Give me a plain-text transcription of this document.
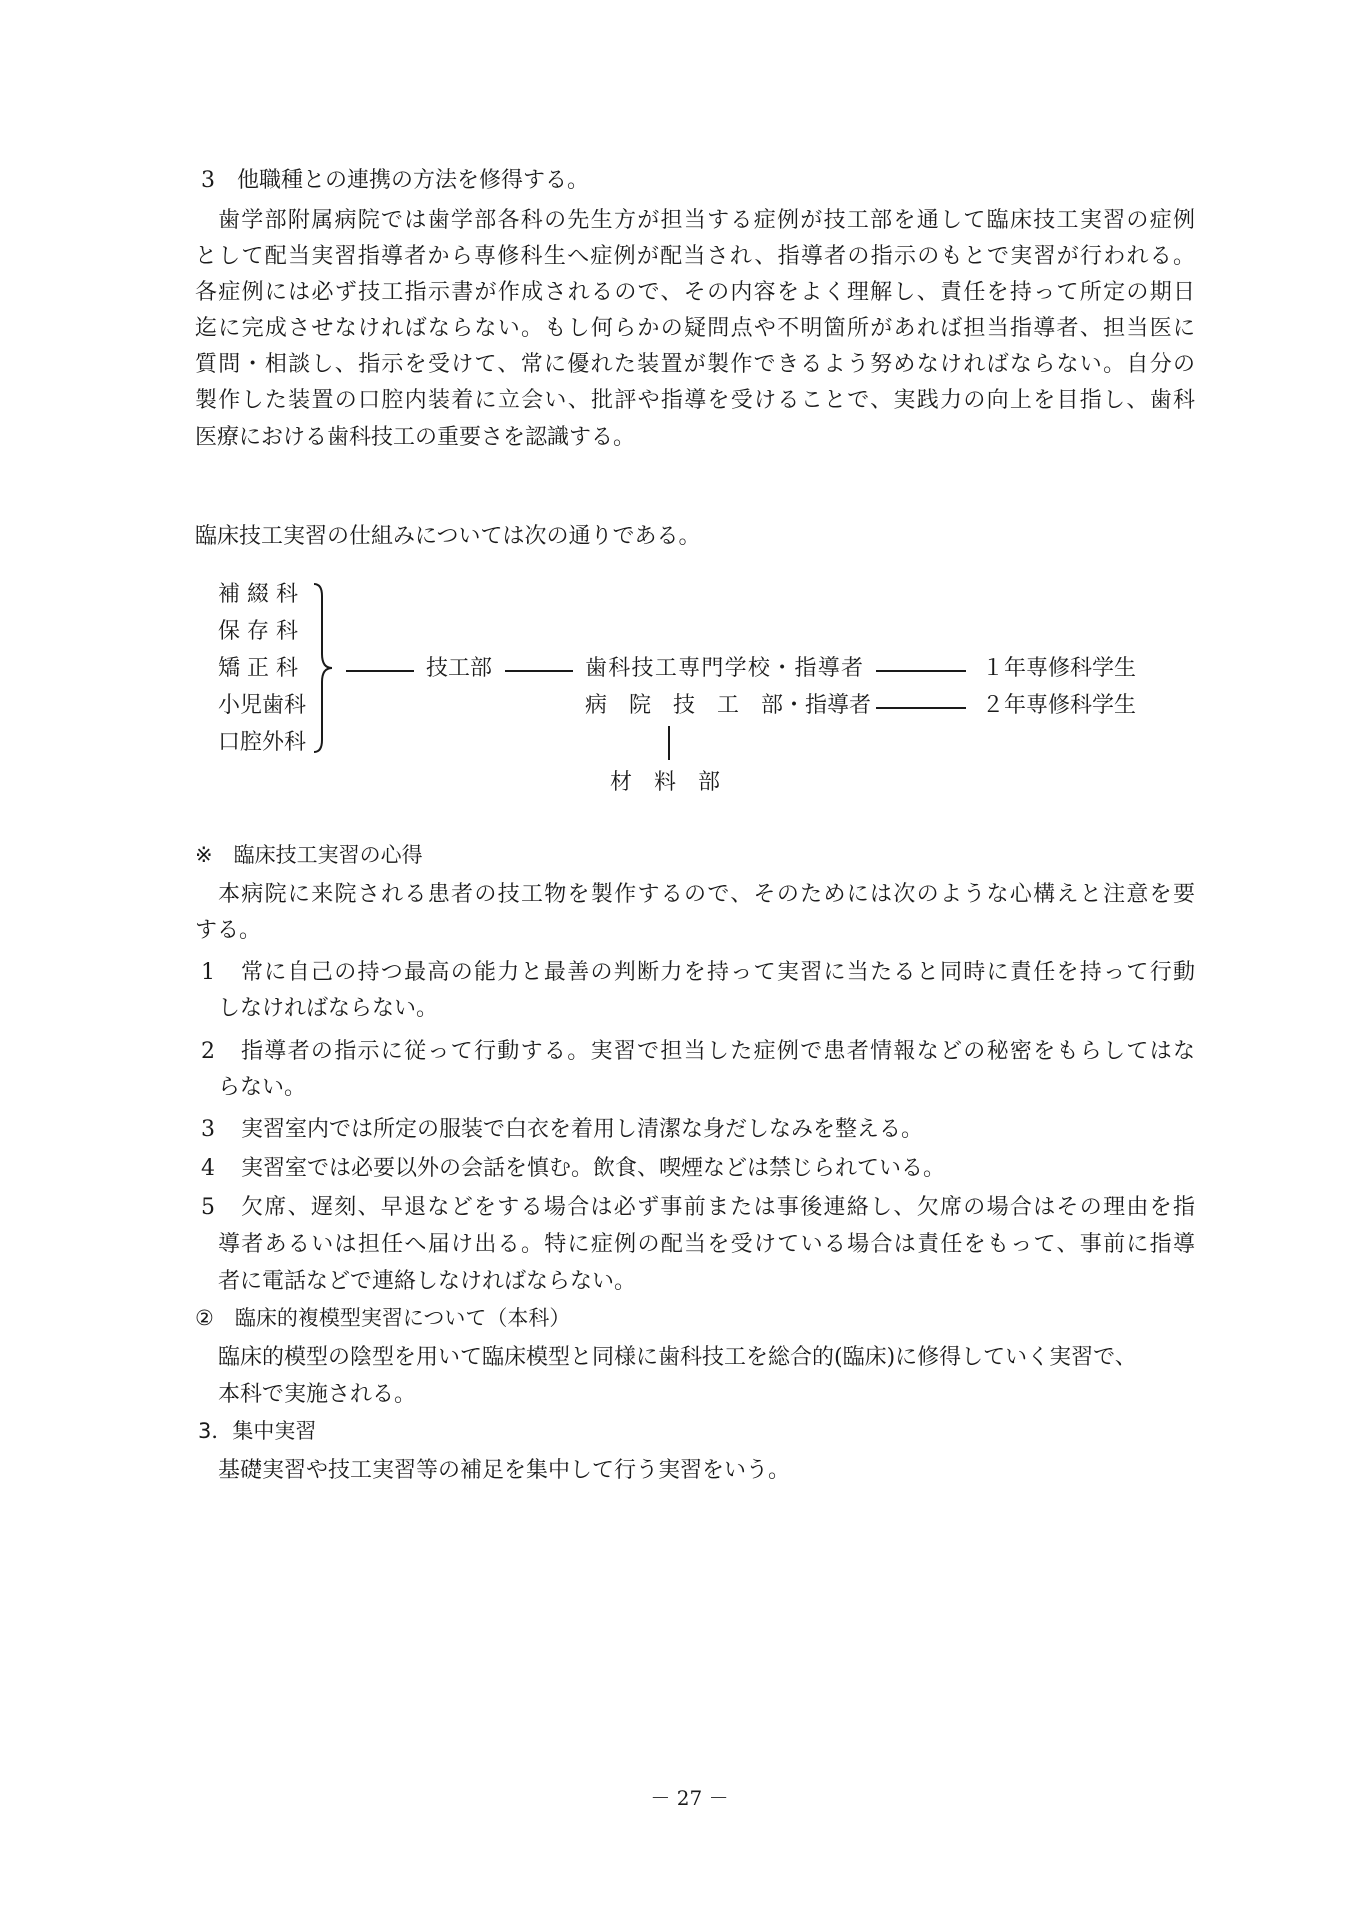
3　他職種との連携の方法を修得する。
歯学部附属病院では歯学部各科の先生方が担当する症例が技工部を通して臨床技工実習の症例
として配当実習指導者から専修科生へ症例が配当され、指導者の指示のもとで実習が行われる。
各症例には必ず技工指示書が作成されるので、その内容をよく理解し、責任を持って所定の期日
迄に完成させなければならない。もし何らかの疑問点や不明箇所があれば担当指導者、担当医に
質問・相談し、指示を受けて、常に優れた装置が製作できるよう努めなければならない。自分の
製作した装置の口腔内装着に立会い、批評や指導を受けることで、実践力の向上を目指し、歯科
医療における歯科技工の重要さを認識する。
臨床技工実習の仕組みについては次の通りである。
補 綴 科
保 存 科
矯 正 科
小児歯科
口腔外科
技工部	歯科技工専門学校・指導者	１年専修科学生
病　院　技　工　部・指導者	２年専修科学生
材　料　部
※　臨床技工実習の心得
本病院に来院される患者の技工物を製作するので、そのためには次のような心構えと注意を要
する。
1 常に自己の持つ最高の能力と最善の判断力を持って実習に当たると同時に責任を持って行動
しなければならない。
2 指導者の指示に従って行動する。実習で担当した症例で患者情報などの秘密をもらしてはな
らない。
3 実習室内では所定の服装で白衣を着用し清潔な身だしなみを整える。
4 実習室では必要以外の会話を慎む。飲食、喫煙などは禁じられている。
5 欠席、遅刻、早退などをする場合は必ず事前または事後連絡し、欠席の場合はその理由を指
導者あるいは担任へ届け出る。特に症例の配当を受けている場合は責任をもって、事前に指導
者に電話などで連絡しなければならない。
②　臨床的複模型実習について（本科）
臨床的模型の陰型を用いて臨床模型と同様に歯科技工を総合的(臨床)に修得していく実習で、
本科で実施される。
3．集中実習
基礎実習や技工実習等の補足を集中して行う実習をいう。
－ 27 －
